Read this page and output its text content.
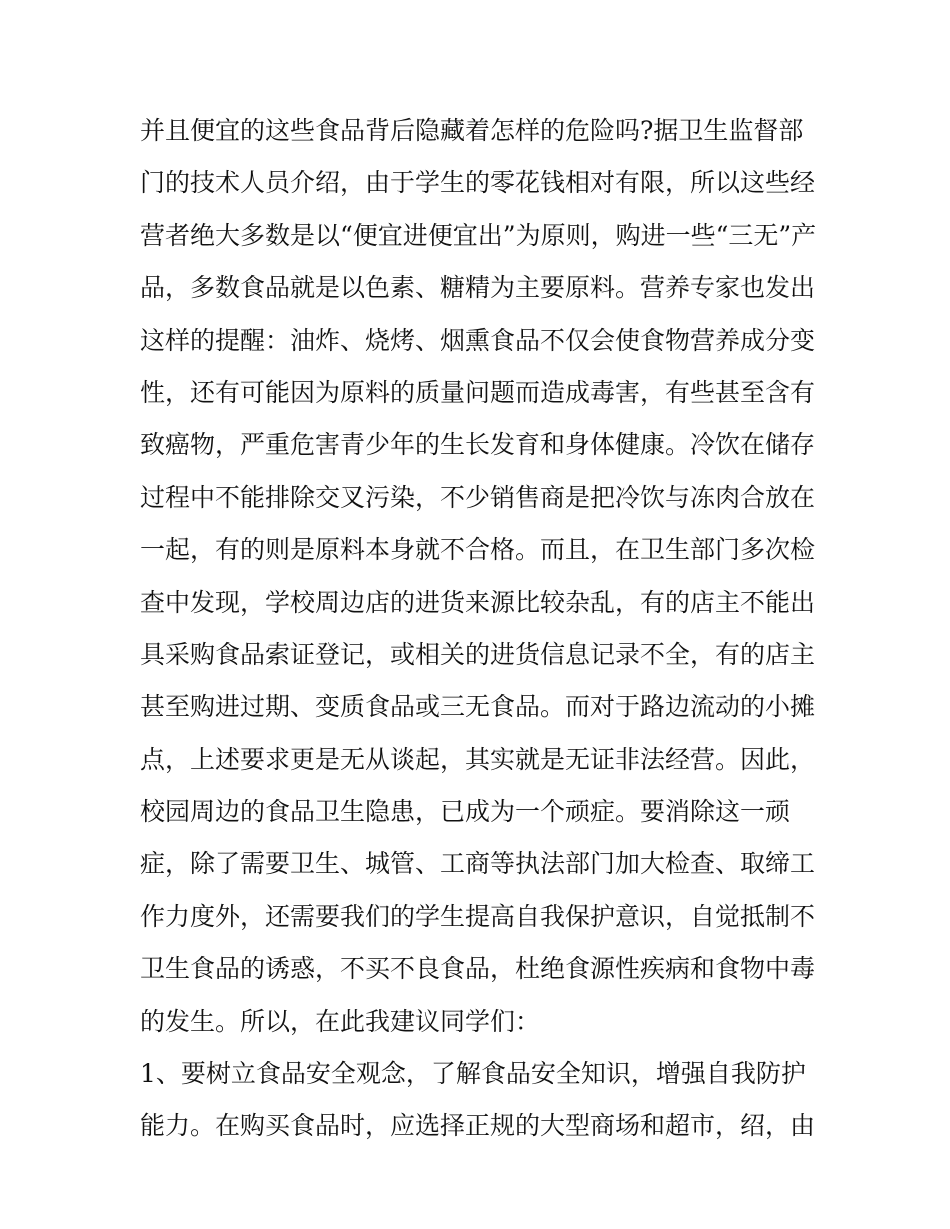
并且便宜的这些食品背后隐藏着怎样的危险吗?据卫生监督部
门的技术人员介绍，由于学生的零花钱相对有限，所以这些经
营者绝大多数是以“便宜进便宜出”为原则，购进一些“三无”产
品，多数食品就是以色素、糖精为主要原料。营养专家也发出
这样的提醒：油炸、烧烤、烟熏食品不仅会使食物营养成分变
性，还有可能因为原料的质量问题而造成毒害，有些甚至含有
致癌物，严重危害青少年的生长发育和身体健康。冷饮在储存
过程中不能排除交叉污染，不少销售商是把冷饮与冻肉合放在
一起，有的则是原料本身就不合格。而且，在卫生部门多次检
查中发现，学校周边店的进货来源比较杂乱，有的店主不能出
具采购食品索证登记，或相关的进货信息记录不全，有的店主
甚至购进过期、变质食品或三无食品。而对于路边流动的小摊
点，上述要求更是无从谈起，其实就是无证非法经营。因此，
校园周边的食品卫生隐患，已成为一个顽症。要消除这一顽
症，除了需要卫生、城管、工商等执法部门加大检查、取缔工
作力度外，还需要我们的学生提高自我保护意识，自觉抵制不
卫生食品的诱惑，不买不良食品，杜绝食源性疾病和食物中毒
的发生。所以，在此我建议同学们：
1、要树立食品安全观念，了解食品安全知识，增强自我防护
能力。在购买食品时，应选择正规的大型商场和超市，绍，由
